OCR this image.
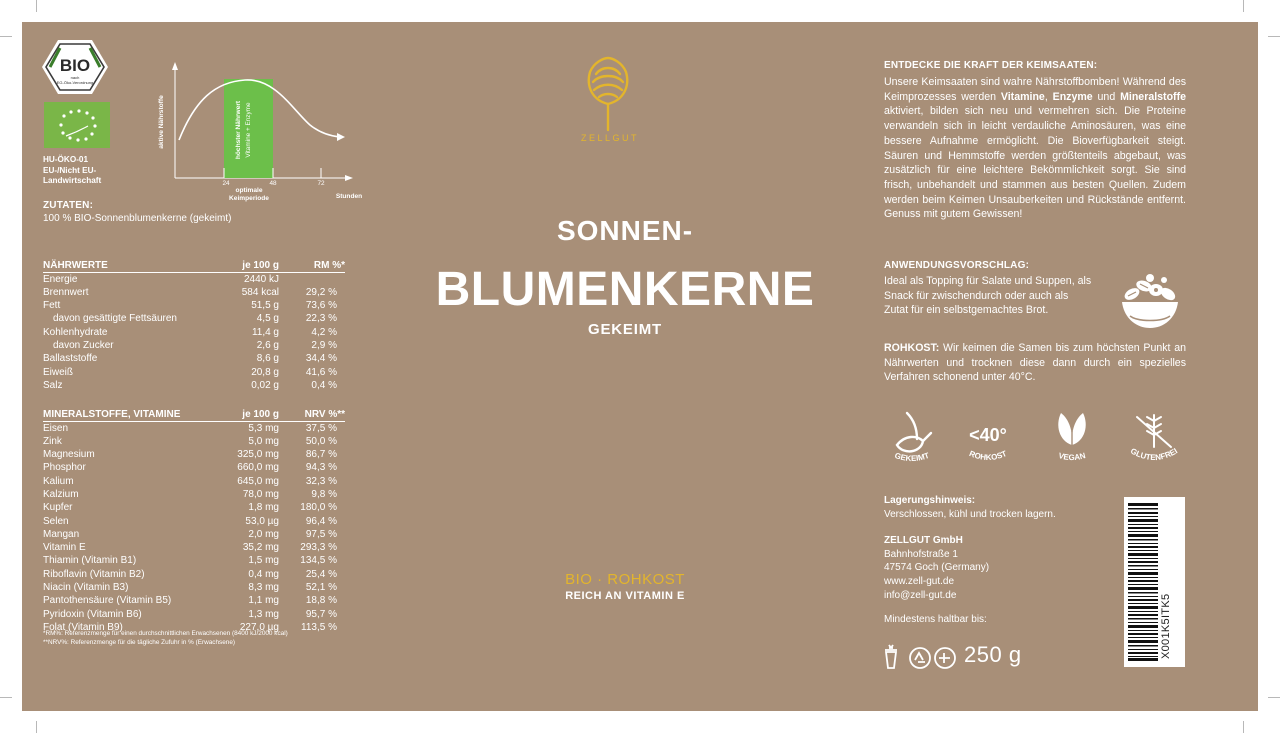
BIO
nach
EG-Öko-Verordnung
HU-ÖKO-01
EU-/Nicht EU-
Landwirtschaft
höchster Nährwert Vitamine + Enzyme
aktive Nährstoffe
24	48	72
optimale
Keimperiode	Stunden
ZUTATEN:
100 % BIO-Sonnenblumenkerne (gekeimt)
NÄHRWERTE	je 100 g	RM %*
Energie	2440 kJ	
Brennwert	584 kcal	29,2 %
Fett	51,5 g	73,6 %
davon gesättigte Fettsäuren	4,5 g	22,3 %
Kohlenhydrate	11,4 g	4,2 %
davon Zucker	2,6 g	2,9 %
Ballaststoffe	8,6 g	34,4 %
Eiweiß	20,8 g	41,6 %
Salz	0,02 g	0,4 %
MINERALSTOFFE, VITAMINE	je 100 g	NRV %**
Eisen	5,3 mg	37,5 %
Zink	5,0 mg	50,0 %
Magnesium	325,0 mg	86,7 %
Phosphor	660,0 mg	94,3 %
Kalium	645,0 mg	32,3 %
Kalzium	78,0 mg	9,8 %
Kupfer	1,8 mg	180,0 %
Selen	53,0 µg	96,4 %
Mangan	2,0 mg	97,5 %
Vitamin E	35,2 mg	293,3 %
Thiamin (Vitamin B1)	1,5 mg	134,5 %
Riboflavin (Vitamin B2)	0,4 mg	25,4 %
Niacin (Vitamin B3)	8,3 mg	52,1 %
Pantothensäure (Vitamin B5)	1,1 mg	18,8 %
Pyridoxin (Vitamin B6)	1,3 mg	95,7 %
Folat (Vitamin B9)	227,0 µg	113,5 %
*RM%: Referenzmenge für einen durchschnittlichen Erwachsenen (8400 kJ/2000 kcal)
**NRV%: Referenzmenge für die tägliche Zufuhr in % (Erwachsene)
ZELLGUT
SONNEN-
BLUMENKERNE
GEKEIMT
BIO · ROHKOST
REICH AN VITAMIN E
ENTDECKE DIE KRAFT DER KEIMSAATEN:
Unsere Keimsaaten sind wahre Nährstoffbomben! Während des Keimprozesses werden Vitamine, Enzyme und Mineralstoffe aktiviert, bilden sich neu und vermehren sich. Die Proteine verwandeln sich in leicht verdauliche Aminosäuren, was eine bessere Aufnahme ermöglicht. Die Bioverfügbarkeit steigt. Säuren und Hemmstoffe werden größtenteils abgebaut, was zusätzlich für eine leichtere Bekömmlichkeit sorgt. Sie sind frisch, unbehandelt und stammen aus besten Quellen. Zudem werden beim Keimen Unsauberkeiten und Rückstände entfernt. Genuss mit gutem Gewissen!
ANWENDUNGSVORSCHLAG:
Ideal als Topping für Salate und Suppen, als Snack für zwischendurch oder auch als Zutat für ein selbstgemachtes Brot.
ROHKOST: Wir keimen die Samen bis zum höchsten Punkt an Nährwerten und trocknen diese dann durch ein spezielles Verfahren schonend unter 40°C.
GEKEIMT
<40°
ROHKOST	VEGAN	GLUTENFREI
Lagerungshinweis:
Verschlossen, kühl und trocken lagern.
ZELLGUT GmbH
Bahnhofstraße 1
47574 Goch (Germany)
www.zell-gut.de
info@zell-gut.de
Mindestens haltbar bis:
250 g	X001K5ITK5
